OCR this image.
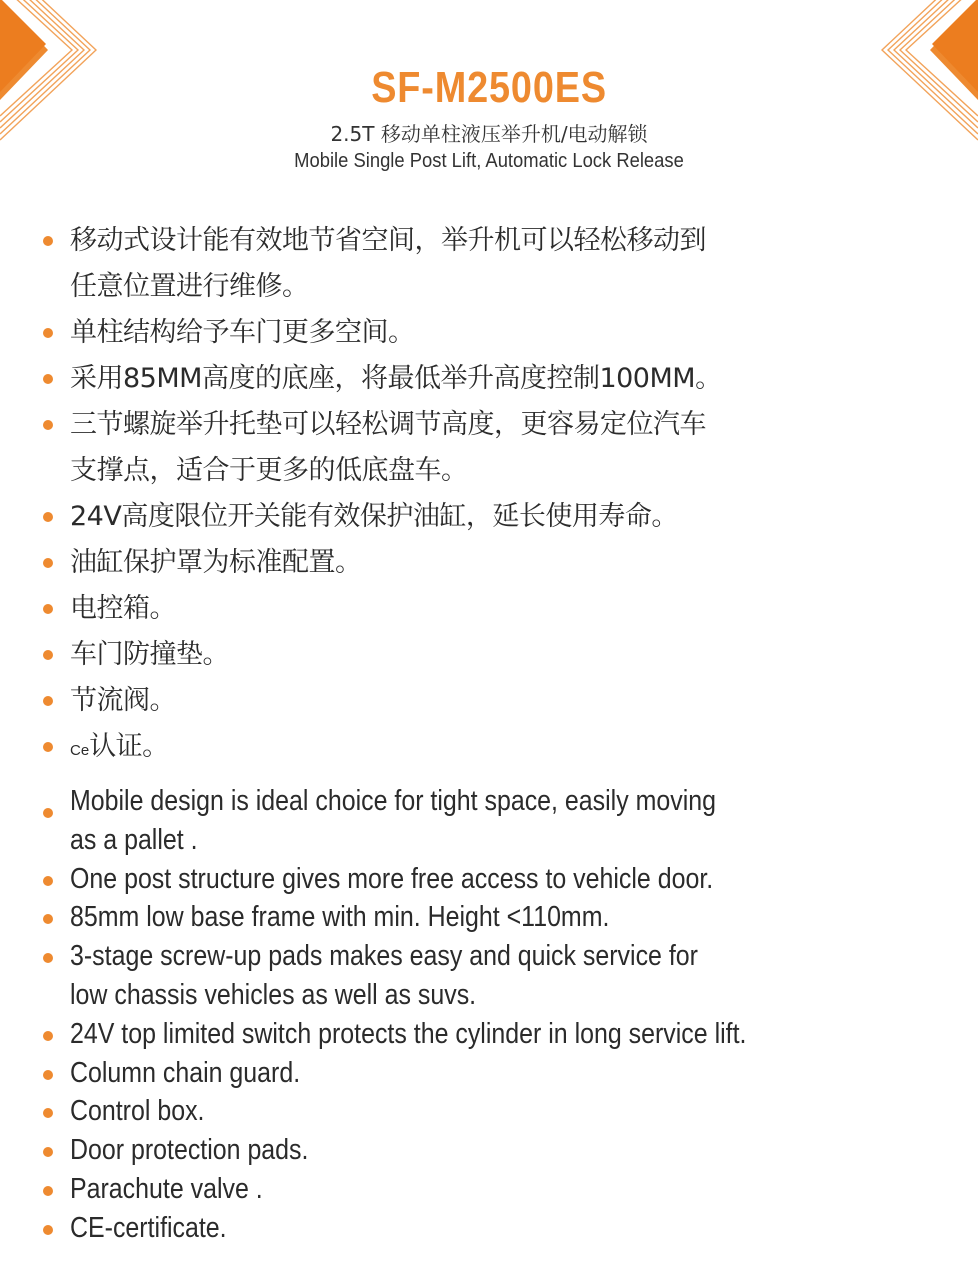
SF-M2500ES
2.5T 移动单柱液压举升机/电动解锁
Mobile Single Post Lift, Automatic Lock Release
移动式设计能有效地节省空间，举升机可以轻松移动到
任意位置进行维修。
单柱结构给予车门更多空间。
采用85MM高度的底座，将最低举升高度控制100MM。
三节螺旋举升托垫可以轻松调节高度，更容易定位汽车
支撑点，适合于更多的低底盘车。
24V高度限位开关能有效保护油缸，延长使用寿命。
油缸保护罩为标准配置。
电控箱。
车门防撞垫。
节流阀。
Ce认证。
Mobile design is ideal choice for tight space, easily moving
as a pallet .
One post structure gives more free access to vehicle door.
85mm low base frame with min. Height <110mm.
3-stage screw-up pads makes easy and quick service for
low chassis vehicles as well as suvs.
24V top limited switch protects the cylinder in long service lift.
Column chain guard.
Control box.
Door protection pads.
Parachute valve .
CE-certificate.
